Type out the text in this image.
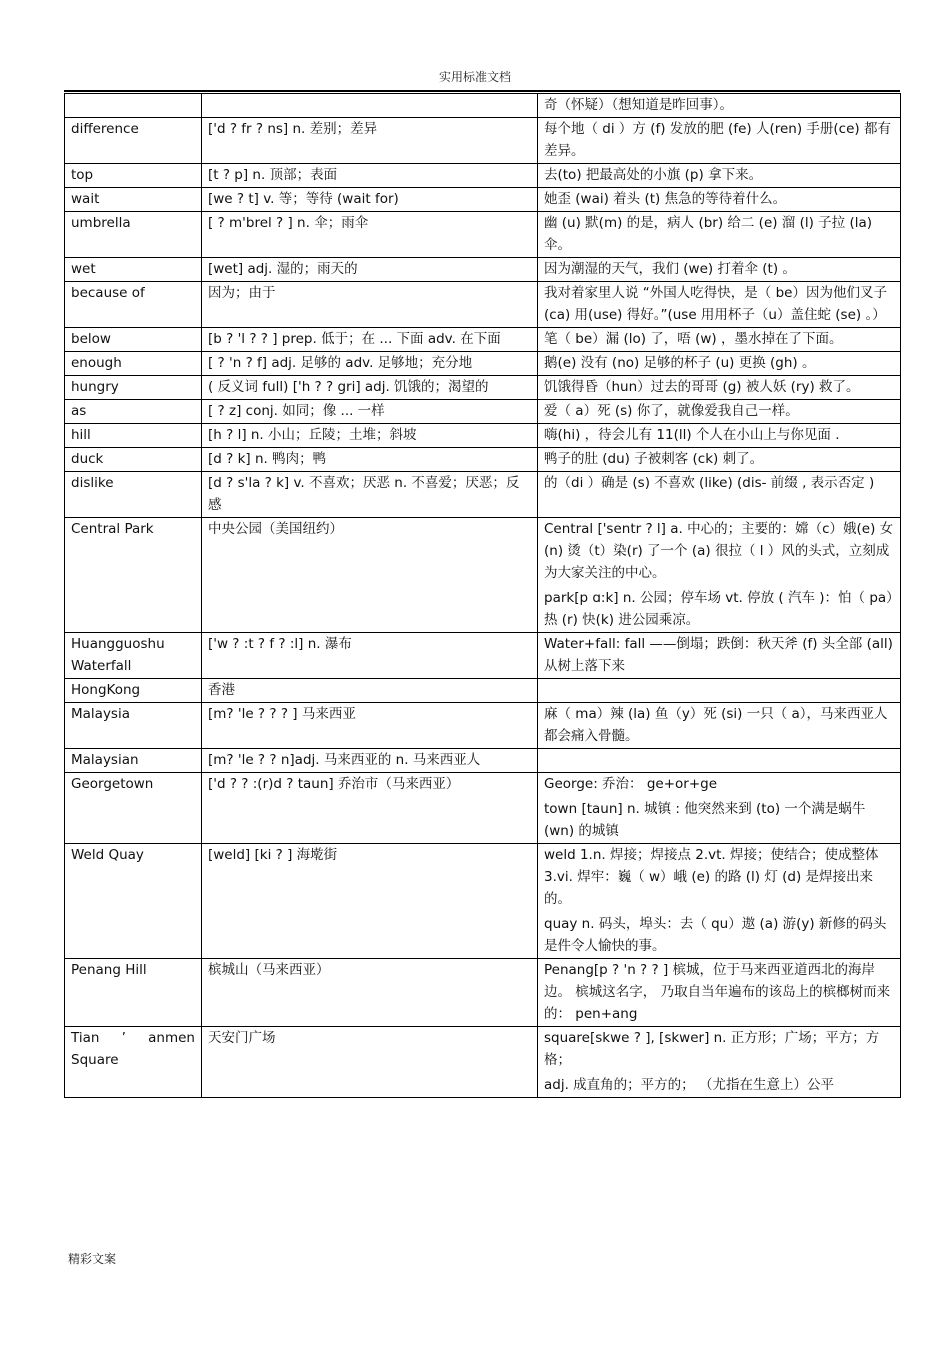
实用标准文档

		奇（怀疑）（想知道是昨回事）。

difference	['d ? fr ? ns] n. 差别；差异	每个地（ di ）方 (f) 发放的肥 (fe) 人(ren) 手册(ce) 都有差异。

top	[t ? p] n. 顶部；表面	去(to) 把最高处的小旗 (p) 拿下来。

wait	[we ? t] v. 等；等待 (wait for)	她歪 (wai) 着头 (t) 焦急的等待着什么。

umbrella	[ ? m'brel ? ] n. 伞；雨伞	幽 (u) 默(m) 的是，病人 (br) 给二 (e) 溜 (l) 子拉 (la) 伞。

wet	[wet] adj. 湿的；雨天的	因为潮湿的天气，我们 (we) 打着伞 (t) 。

because of	因为；由于	我对着家里人说 “外国人吃得快，是（ be）因为他们叉子 (ca) 用(use) 得好。”(use 用用杯子（u）盖住蛇 (se) 。）

below	[b ? 'l ? ? ] prep. 低于；在 ... 下面 adv. 在下面	笔（ be）漏 (lo) 了，唔 (w) ，墨水掉在了下面。

enough	[ ? 'n ? f] adj. 足够的 adv. 足够地；充分地	鹅(e) 没有 (no) 足够的杯子 (u) 更换 (gh) 。

hungry	( 反义词 full) ['h ? ? gri] adj. 饥饿的；渴望的	饥饿得昏（hun）过去的哥哥 (g) 被人妖 (ry) 救了。

as	[ ? z] conj. 如同；像 ... 一样	爱（ a）死 (s) 你了，就像爱我自己一样。

hill	[h ? l] n. 小山；丘陵；土堆；斜坡	嗨(hi) ，待会儿有 11(ll) 个人在小山上与你见面 .

duck	[d ? k] n. 鸭肉；鸭	鸭子的肚 (du) 子被刺客 (ck) 刺了。

dislike	[d ? s'la ? k] v. 不喜欢；厌恶 n. 不喜爱；厌恶；反感	的（di ）确是 (s) 不喜欢 (like) (dis- 前缀 , 表示否定 )

Central Park	中央公园（美国纽约）	Central ['sentr ? l] a. 中心的；主要的：嫦（c）娥(e) 女(n) 烫（t）染(r) 了一个 (a) 很拉（ l ）风的头式，立刻成为大家关注的中心。
park[p ɑ:k] n. 公园；停车场 vt. 停放 ( 汽车 )：怕（ pa）热 (r) 快(k) 进公园乘凉。

Huangguoshu Waterfall	['w ? :t ? f ? :l] n. 瀑布	Water+fall: fall ——倒塌；跌倒：秋天斧 (f) 头全部 (all) 从树上落下来

HongKong	香港	
Malaysia	[m? 'le ? ? ? ] 马来西亚	麻（ ma）辣 (la) 鱼（y）死 (si) 一只（ a），马来西亚人都会痛入骨髓。

Malaysian	[m? 'le ? ? n]adj. 马来西亚的 n. 马来西亚人	
Georgetown	['d ? ? :(r)d ? taun] 乔治市（马来西亚）	George: 乔治： ge+or+ge
town [taun] n. 城镇 : 他突然来到 (to) 一个满是蜗牛 (wn) 的城镇

Weld Quay	[weld] [ki ? ] 海墘街	weld 1.n. 焊接；焊接点 2.vt. 焊接；使结合；使成整体 3.vi. 焊牢：巍（ w）峨 (e) 的路 (l) 灯 (d) 是焊接出来的。
quay n. 码头，埠头：去（ qu）遨 (a) 游(y) 新修的码头是件令人愉快的事。

Penang Hill	槟城山（马来西亚）	Penang[p ? 'n ? ? ] 槟城，位于马来西亚道西北的海岸边。 槟城这名字， 乃取自当年遍布的该岛上的槟榔树而来的： pen+ang

Tian ’ anmen Square	天安门广场	square[skwe ? ], [skwer] n. 正方形；广场；平方；方格；
adj. 成直角的；平方的； （尤指在生意上）公平
精彩文案
